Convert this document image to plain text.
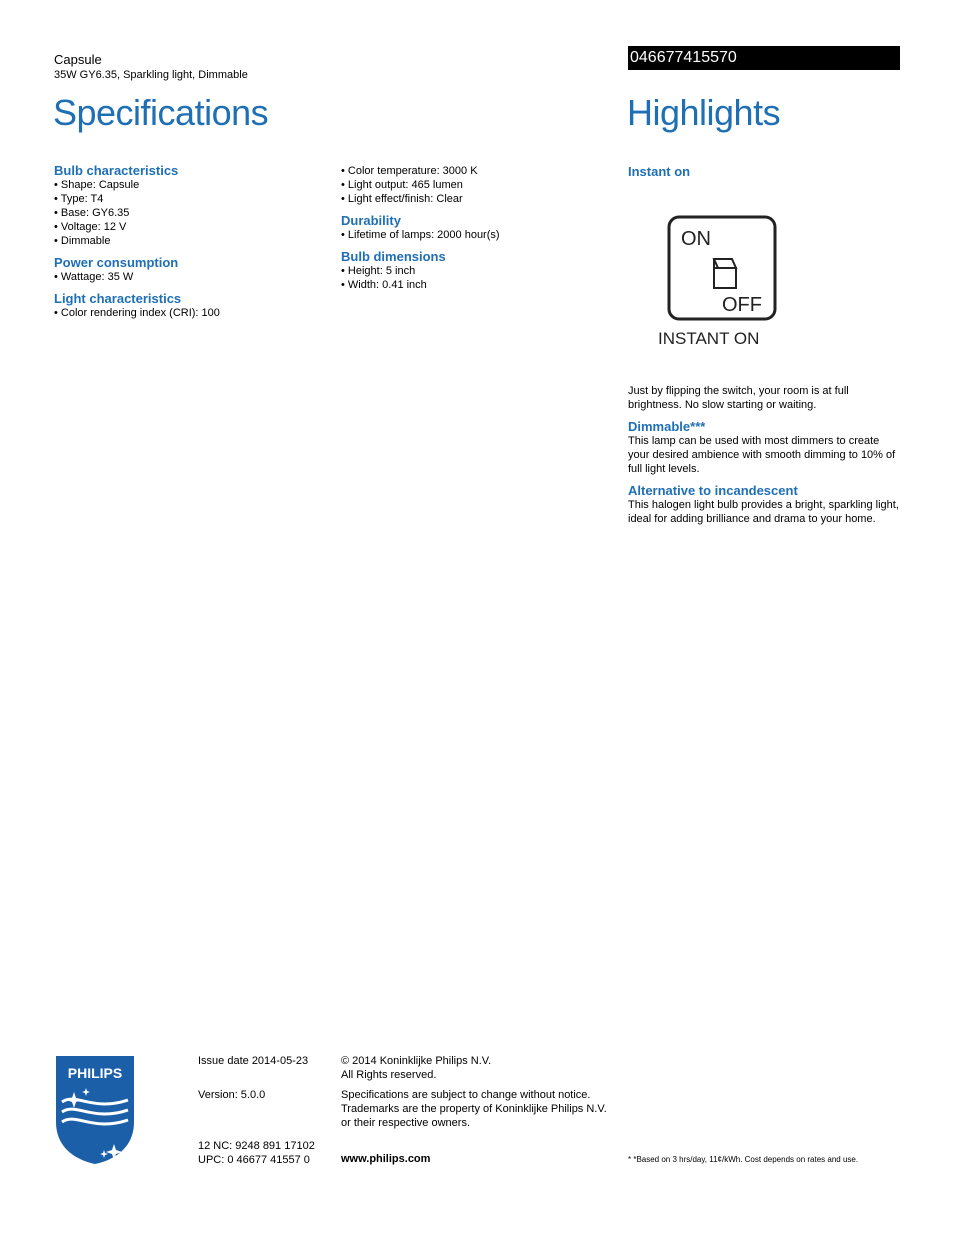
Capsule
35W GY6.35, Sparkling light, Dimmable
046677415570
Specifications	Highlights
Bulb characteristics
• Shape: Capsule
• Type: T4
• Base: GY6.35
• Voltage: 12 V
• Dimmable
Power consumption
• Wattage: 35 W
Light characteristics
• Color rendering index (CRI): 100
• Color temperature: 3000 K
• Light output: 465 lumen
• Light effect/finish: Clear
Durability
• Lifetime of lamps: 2000 hour(s)
Bulb dimensions
• Height: 5 inch
• Width: 0.41 inch
Instant on

Just by flipping the switch, your room is at full brightness. No slow starting or waiting.

Dimmable***

This lamp can be used with most dimmers to create your desired ambience with smooth dimming to 10% of full light levels.

Alternative to incandescent

This halogen light bulb provides a bright, sparkling light, ideal for adding brilliance and drama to your home.

ON
OFF
INSTANT ON
PHILIPS
Issue date 2014-05-23
Version: 5.0.0
12 NC: 9248 891 17102
UPC: 0 46677 41557 0
© 2014 Koninklijke Philips N.V.
All Rights reserved.
Specifications are subject to change without notice.
Trademarks are the property of Koninklijke Philips N.V.
or their respective owners.
www.philips.com	* *Based on 3 hrs/day, 11¢/kWh. Cost depends on rates and use.
